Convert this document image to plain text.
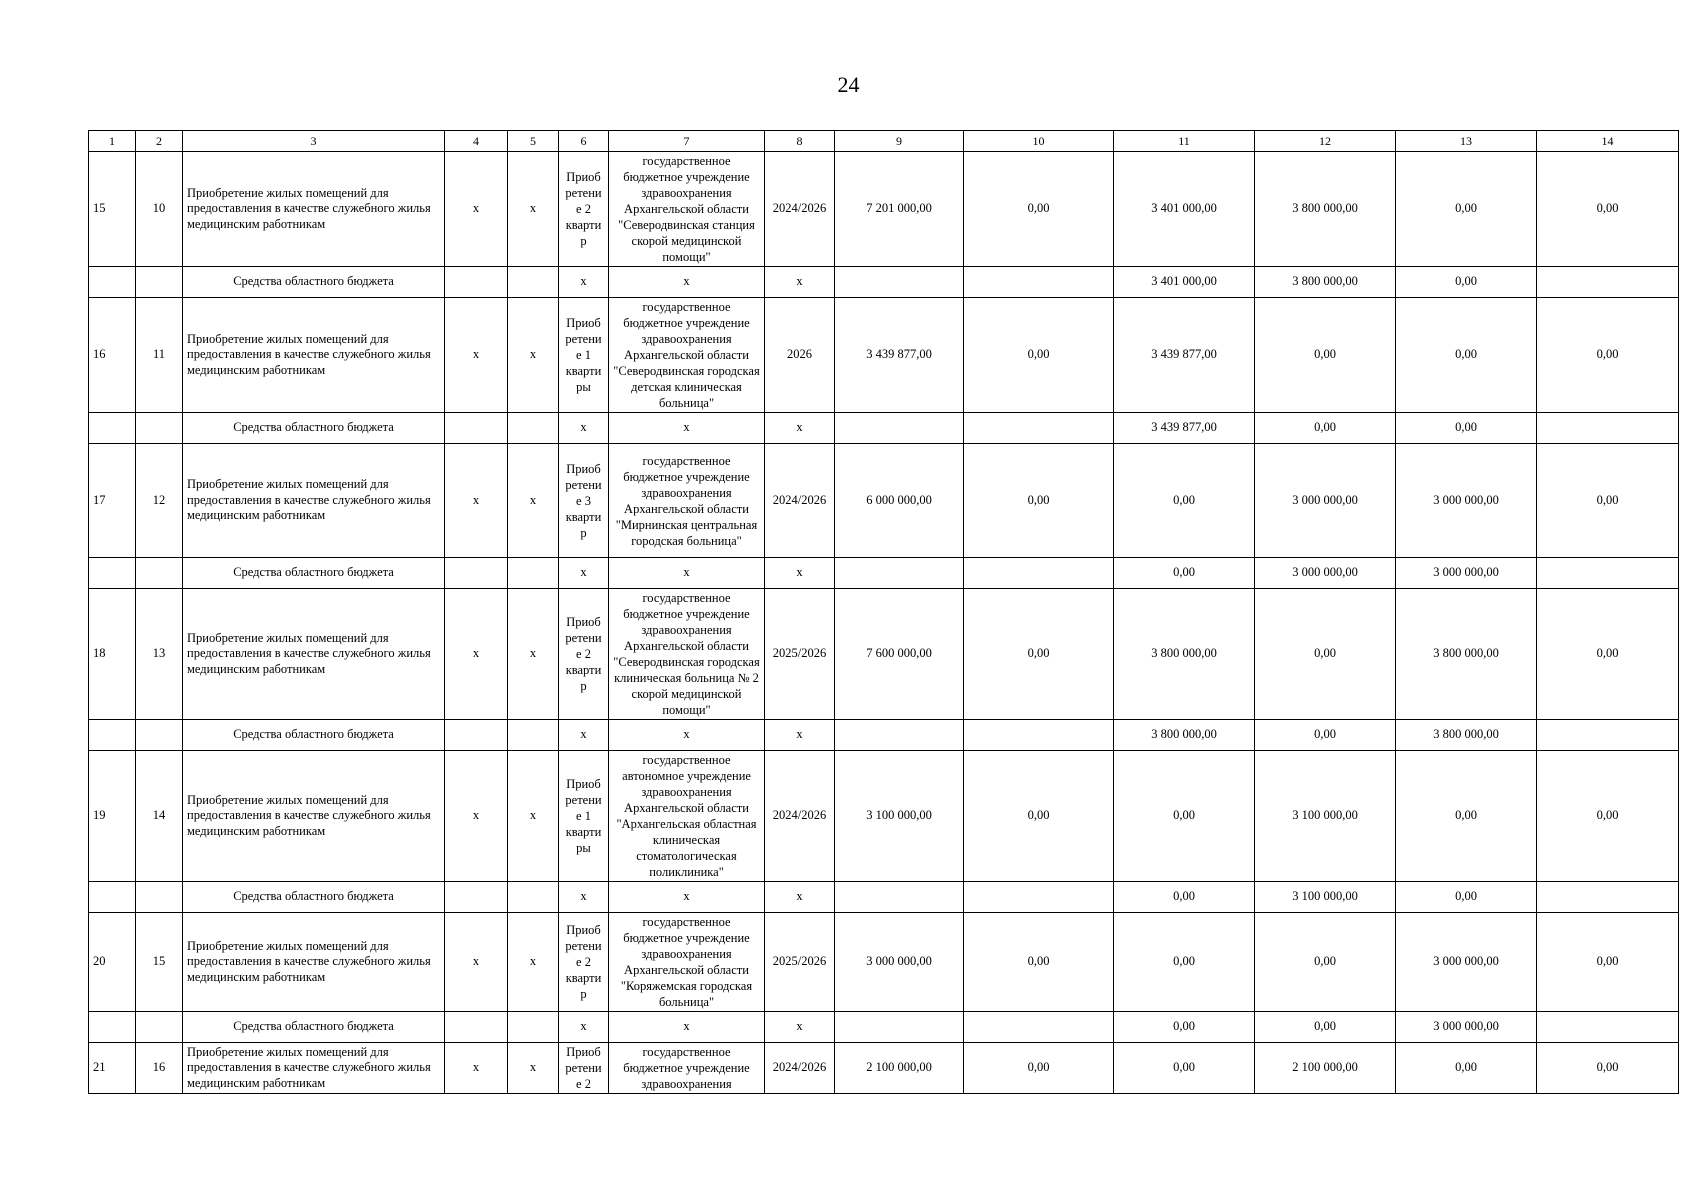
24
1	2	3	4	5	6	7	8	9	10	11	12	13	14
15	10	Приобретение жилых помещений для предоставления в качестве служебного жилья медицинским работникам	х	х	Приоб ретени е 2 кварти р	государственное бюджетное учреждение здравоохранения Архангельской области "Северодвинская станция скорой медицинской помощи"	2024/2026	7 201 000,00	0,00	3 401 000,00	3 800 000,00	0,00	0,00
		Средства областного бюджета			х	х	х			3 401 000,00	3 800 000,00	0,00	
16	11	Приобретение жилых помещений для предоставления в качестве служебного жилья медицинским работникам	х	х	Приоб ретени е 1 кварти ры	государственное бюджетное учреждение здравоохранения Архангельской области "Северодвинская городская детская клиническая больница"	2026	3 439 877,00	0,00	3 439 877,00	0,00	0,00	0,00
		Средства областного бюджета			х	х	х			3 439 877,00	0,00	0,00	
17	12	Приобретение жилых помещений для предоставления в качестве служебного жилья медицинским работникам	х	х	Приоб ретени е 3 кварти р	государственное бюджетное учреждение здравоохранения Архангельской области "Мирнинская центральная городская больница"	2024/2026	6 000 000,00	0,00	0,00	3 000 000,00	3 000 000,00	0,00
		Средства областного бюджета			х	х	х			0,00	3 000 000,00	3 000 000,00	
18	13	Приобретение жилых помещений для предоставления в качестве служебного жилья медицинским работникам	х	х	Приоб ретени е 2 кварти р	государственное бюджетное учреждение здравоохранения Архангельской области "Северодвинская городская клиническая больница № 2 скорой медицинской помощи"	2025/2026	7 600 000,00	0,00	3 800 000,00	0,00	3 800 000,00	0,00
		Средства областного бюджета			х	х	х			3 800 000,00	0,00	3 800 000,00	
19	14	Приобретение жилых помещений для предоставления в качестве служебного жилья медицинским работникам	х	х	Приоб ретени е 1 кварти ры	государственное автономное учреждение здравоохранения Архангельской области "Архангельская областная клиническая стоматологическая поликлиника"	2024/2026	3 100 000,00	0,00	0,00	3 100 000,00	0,00	0,00
		Средства областного бюджета			х	х	х			0,00	3 100 000,00	0,00	
20	15	Приобретение жилых помещений для предоставления в качестве служебного жилья медицинским работникам	х	х	Приоб ретени е 2 кварти р	государственное бюджетное учреждение здравоохранения Архангельской области "Коряжемская городская больница"	2025/2026	3 000 000,00	0,00	0,00	0,00	3 000 000,00	0,00
		Средства областного бюджета			х	х	х			0,00	0,00	3 000 000,00	
21	16	Приобретение жилых помещений для предоставления в качестве служебного жилья медицинским работникам	х	х	Приоб ретени е 2	государственное бюджетное учреждение здравоохранения	2024/2026	2 100 000,00	0,00	0,00	2 100 000,00	0,00	0,00
